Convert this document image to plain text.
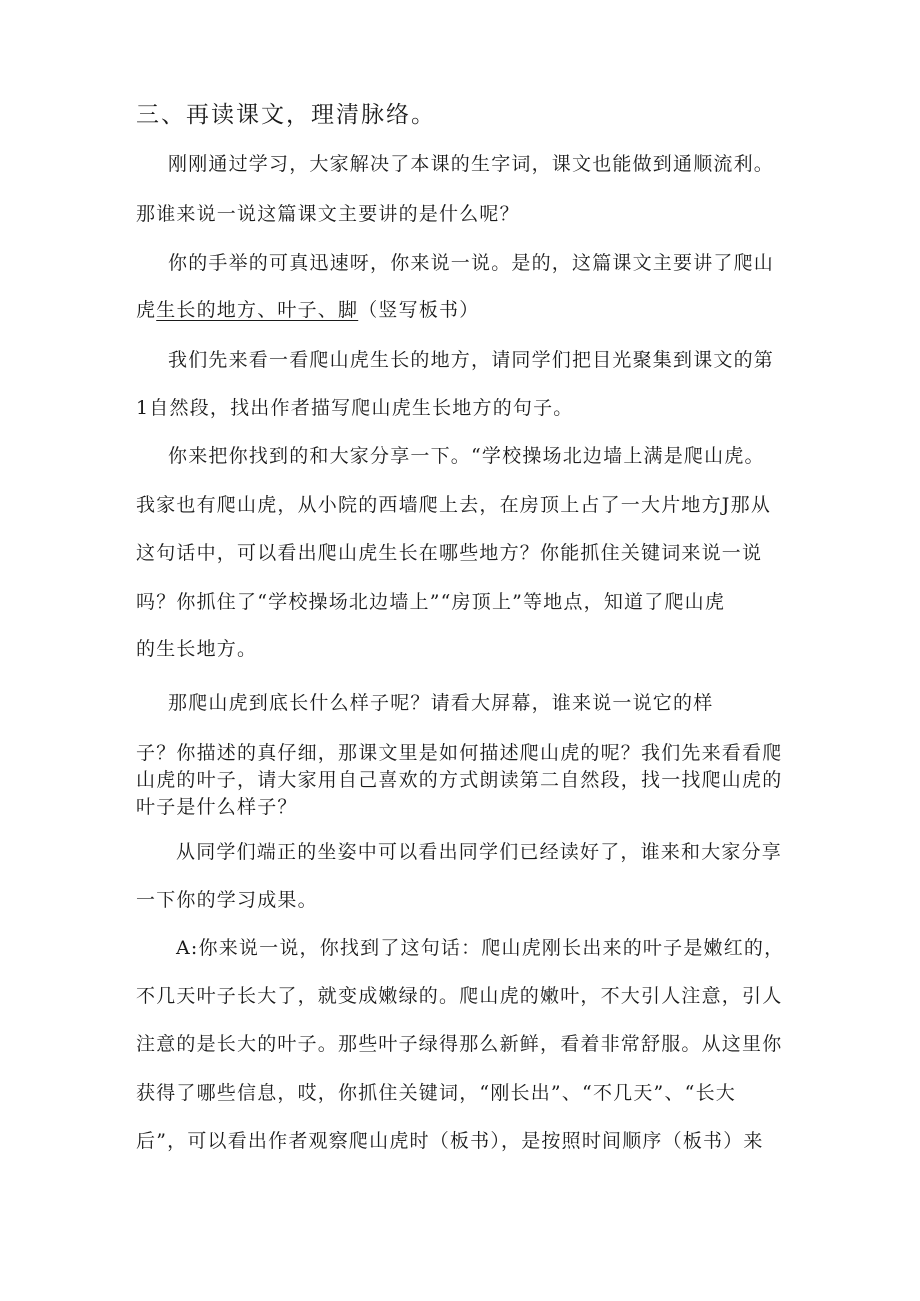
三、再读课文，理清脉络。
刚刚通过学习，大家解决了本课的生字词，课文也能做到通顺流利。
那谁来说一说这篇课文主要讲的是什么呢？
你的手举的可真迅速呀，你来说一说。是的，这篇课文主要讲了爬山
虎生长的地方、叶子、脚（竖写板书）
我们先来看一看爬山虎生长的地方，请同学们把目光聚集到课文的第
1自然段，找出作者描写爬山虎生长地方的句子。
你来把你找到的和大家分享一下。“学校操场北边墙上满是爬山虎。
我家也有爬山虎，从小院的西墙爬上去，在房顶上占了一大片地方J那从
这句话中，可以看出爬山虎生长在哪些地方？你能抓住关键词来说一说
吗？你抓住了“学校操场北边墙上”“房顶上”等地点，知道了爬山虎
的生长地方。
那爬山虎到底长什么样子呢？请看大屏幕，谁来说一说它的样
子？你描述的真仔细，那课文里是如何描述爬山虎的呢？我们先来看看爬
山虎的叶子，请大家用自己喜欢的方式朗读第二自然段，找一找爬山虎的
叶子是什么样子？
从同学们端正的坐姿中可以看出同学们已经读好了，谁来和大家分享
一下你的学习成果。
A:你来说一说，你找到了这句话：爬山虎刚长出来的叶子是嫩红的，
不几天叶子长大了，就变成嫩绿的。爬山虎的嫩叶，不大引人注意，引人
注意的是长大的叶子。那些叶子绿得那么新鲜，看着非常舒服。从这里你
获得了哪些信息，哎，你抓住关键词，“刚长出”、“不几天”、“长大
后”，可以看出作者观察爬山虎时（板书），是按照时间顺序（板书）来
